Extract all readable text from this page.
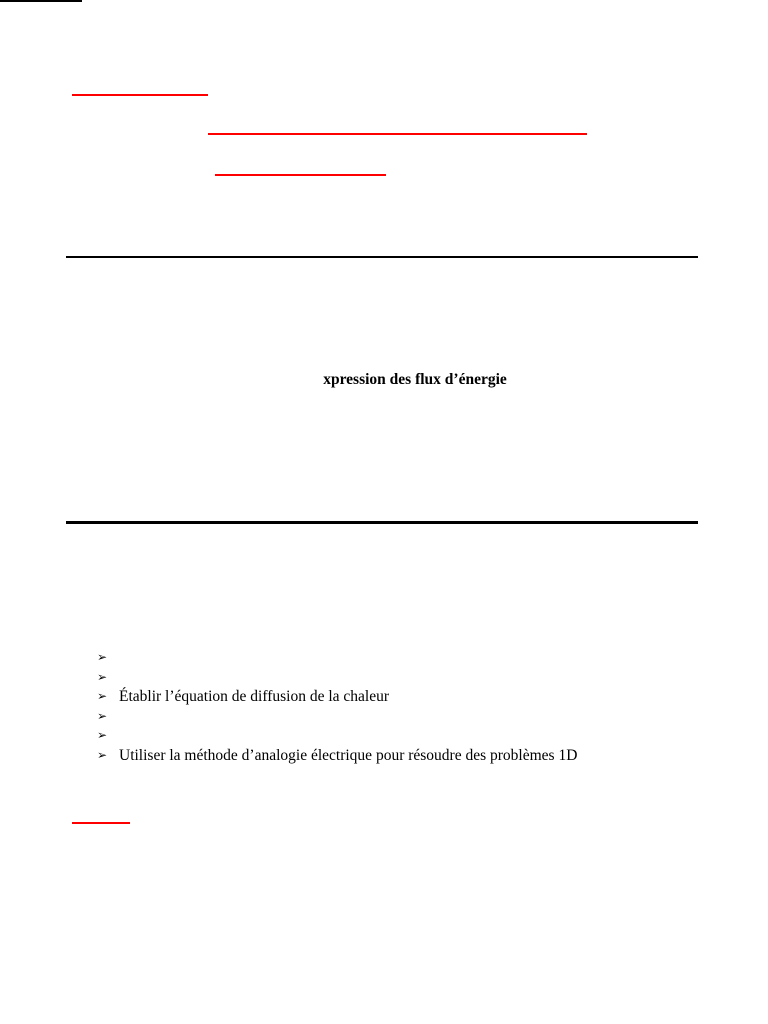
xpression des flux d’énergie
➢
➢
➢ Établir l’équation de diffusion de la chaleur
➢
➢
➢ Utiliser la méthode d’analogie électrique pour résoudre des problèmes 1D
